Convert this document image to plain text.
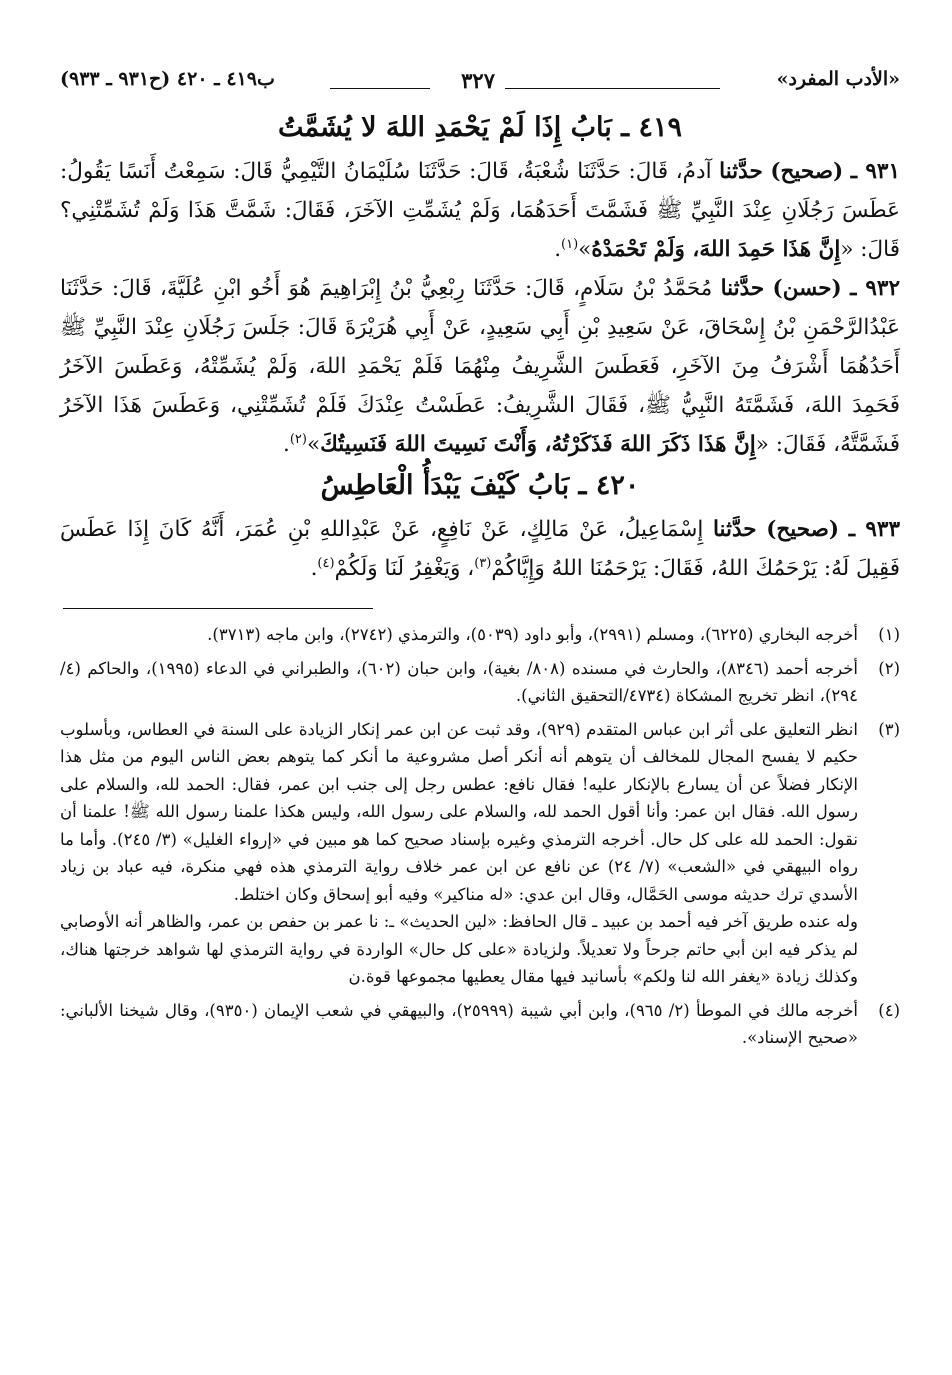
«الأدب المفرد»
٣٢٧
ب٤١٩ ـ ٤٢٠ (ح٩٣١ ـ ٩٣٣)
٤١٩ ـ بَابُ إِذَا لَمْ يَحْمَدِ اللهَ لا يُشَمَّتُ

٩٣١ ـ (صحيح) حدَّثنا آدمُ، قَالَ: حَدَّثَنَا شُعْبَةُ، قَالَ: حَدَّثَنَا سُلَيْمَانُ التَّيْمِيُّ قَالَ: سَمِعْتُ أَنَسًا يَقُولُ: عَطَسَ رَجُلَانِ عِنْدَ النَّبِيِّ ﷺ فَشَمَّتَ أَحَدَهُمَا، وَلَمْ يُشَمِّتِ الآخَرَ، فَقَالَ: شَمَّتَّ هَذَا وَلَمْ تُشَمِّتْنِي؟ قَالَ: «إِنَّ هَذَا حَمِدَ اللهَ، وَلَمْ تَحْمَدْهُ»$^{(١)}$.

٩٣٢ ـ (حسن) حدَّثنا مُحَمَّدُ بْنُ سَلَامٍ، قَالَ: حَدَّثَنَا رِبْعِيُّ بْنُ إِبْرَاهِيمَ هُوَ أَخُو ابْنِ عُلَيَّةَ، قَالَ: حَدَّثَنَا عَبْدُالرَّحْمَنِ بْنُ إِسْحَاقَ، عَنْ سَعِيدِ بْنِ أَبِي سَعِيدٍ، عَنْ أَبِي هُرَيْرَةَ قَالَ: جَلَسَ رَجُلَانِ عِنْدَ النَّبِيِّ ﷺ أَحَدُهُمَا أَشْرَفُ مِنَ الآخَرِ، فَعَطَسَ الشَّرِيفُ مِنْهُمَا فَلَمْ يَحْمَدِ اللهَ، وَلَمْ يُشَمِّتْهُ، وَعَطَسَ الآخَرُ فَحَمِدَ اللهَ، فَشَمَّتَهُ النَّبِيُّ ﷺ، فَقَالَ الشَّرِيفُ: عَطَسْتُ عِنْدَكَ فَلَمْ تُشَمِّتْنِي، وَعَطَسَ هَذَا الآخَرُ فَشَمَّتَّهُ، فَقَالَ: «إِنَّ هَذَا ذَكَرَ اللهَ فَذَكَرْتُهُ، وَأَنْتَ نَسِيتَ اللهَ فَنَسِيتُكَ»$^{(٢)}$.

٤٢٠ ـ بَابُ كَيْفَ يَبْدَأُ الْعَاطِسُ

٩٣٣ ـ (صحيح) حدَّثنا إِسْمَاعِيلُ، عَنْ مَالِكٍ، عَنْ نَافِعٍ، عَنْ عَبْدِاللهِ بْنِ عُمَرَ، أَنَّهُ كَانَ إِذَا عَطَسَ فَقِيلَ لَهُ: يَرْحَمُكَ اللهُ، فَقَالَ: يَرْحَمُنَا اللهُ وَإِيَّاكُمْ$^{(٣)}$، وَيَغْفِرُ لَنَا وَلَكُمْ$^{(٤)}$.

(١)

أخرجه البخاري (٦٢٢٥)، ومسلم (٢٩٩١)، وأبو داود (٥٠٣٩)، والترمذي (٢٧٤٢)، وابن ماجه (٣٧١٣).

(٢)

أخرجه أحمد (٨٣٤٦)، والحارث في مسنده (٨٠٨/ بغية)، وابن حبان (٦٠٢)، والطبراني في الدعاء (١٩٩٥)، والحاكم (٤/ ٢٩٤)، انظر تخريج المشكاة (٤٧٣٤/التحقيق الثاني).

(٣)

انظر التعليق على أثر ابن عباس المتقدم (٩٢٩)، وقد ثبت عن ابن عمر إنكار الزيادة على السنة في العطاس، وبأسلوب حكيم لا يفسح المجال للمخالف أن يتوهم أنه أنكر أصل مشروعية ما أنكر كما يتوهم بعض الناس اليوم من مثل هذا الإنكار فضلاً عن أن يسارع بالإنكار عليه! فقال نافع: عطس رجل إلى جنب ابن عمر، فقال: الحمد لله، والسلام على رسول الله. فقال ابن عمر: وأنا أقول الحمد لله، والسلام على رسول الله، وليس هكذا علمنا رسول الله ﷺ! علمنا أن نقول: الحمد لله على كل حال. أخرجه الترمذي وغيره بإسناد صحيح كما هو مبين في «إرواء الغليل» (٣/ ٢٤٥). وأما ما رواه البيهقي في «الشعب» (٧/ ٢٤) عن نافع عن ابن عمر خلاف رواية الترمذي هذه فهي منكرة، فيه عباد بن زياد الأسدي ترك حديثه موسى الحَمَّال، وقال ابن عدي: «له مناكير» وفيه أبو إسحاق وكان اختلط.

وله عنده طريق آخر فيه أحمد بن عبيد ـ قال الحافظ: «لين الحديث» ـ: نا عمر بن حفص بن عمر، والظاهر أنه الأوصابي لم يذكر فيه ابن أبي حاتم جرحاً ولا تعديلاً. ولزيادة «على كل حال» الواردة في رواية الترمذي لها شواهد خرجتها هناك، وكذلك زيادة «يغفر الله لنا ولكم» بأسانيد فيها مقال يعطيها مجموعها قوة.ن

(٤)

أخرجه مالك في الموطأ (٢/ ٩٦٥)، وابن أبي شيبة (٢٥٩٩٩)، والبيهقي في شعب الإيمان (٩٣٥٠)، وقال شيخنا الألباني: «صحيح الإسناد».
